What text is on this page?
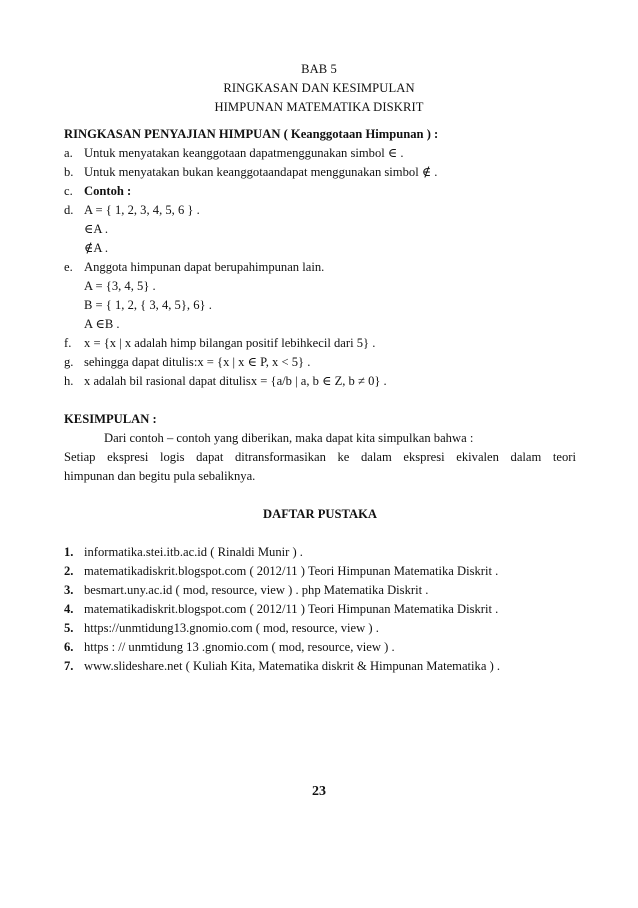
BAB 5
RINGKASAN DAN KESIMPULAN
HIMPUNAN MATEMATIKA DISKRIT
RINGKASAN PENYAJIAN HIMPUAN ( Keanggotaan Himpunan ) :
a. Untuk menyatakan keanggotaan dapatmenggunakan simbol ∈ .
b. Untuk menyatakan bukan keanggotaandapat menggunakan simbol ∉ .
c. Contoh :
d. A = { 1, 2, 3, 4, 5, 6 } .
∈A .
∉A .
e. Anggota himpunan dapat berupahimpunan lain.
A = {3, 4, 5} .
B = { 1, 2, { 3, 4, 5}, 6} .
A ∈B .
f. x = {x | x adalah himp bilangan positif lebihkecil dari 5} .
g. sehingga dapat ditulis:x = {x | x ∈ P, x < 5} .
h. x adalah bil rasional dapat ditulisx = {a/b | a, b ∈ Z, b ≠ 0} .
KESIMPULAN :
Dari contoh – contoh yang diberikan, maka dapat kita simpulkan bahwa :
Setiap ekspresi logis dapat ditransformasikan ke dalam ekspresi ekivalen dalam teori
himpunan dan begitu pula sebaliknya.
DAFTAR PUSTAKA
1. informatika.stei.itb.ac.id ( Rinaldi Munir ) .
2. matematikadiskrit.blogspot.com ( 2012/11 ) Teori Himpunan Matematika Diskrit .
3. besmart.uny.ac.id ( mod, resource, view ) . php Matematika Diskrit .
4. matematikadiskrit.blogspot.com ( 2012/11 ) Teori Himpunan Matematika Diskrit .
5. https://unmtidung13.gnomio.com ( mod, resource, view ) .
6. https : // unmtidung 13 .gnomio.com ( mod, resource, view ) .
7. www.slideshare.net ( Kuliah Kita, Matematika diskrit & Himpunan Matematika ) .
23
